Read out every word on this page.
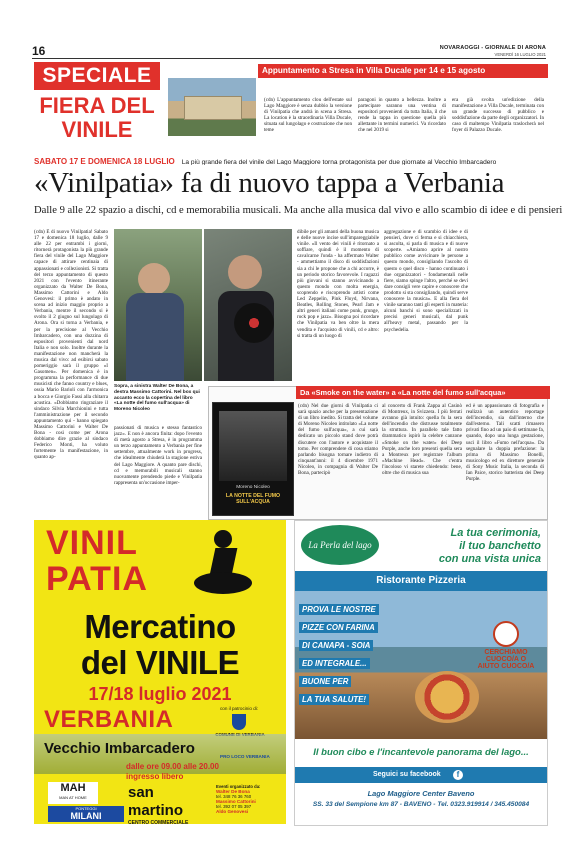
16	NOVARAOGGI - GIORNALE DI ARONA
VENERDÌ 16 LUGLIO 2021
SPECIALE
FIERA DEL
VINILE
Appuntamento a Stresa in Villa Ducale per 14 e 15 agosto
(cdn) L'appuntamento clou dell'estate sul Lago Maggiore è senza dubbio la versione di Vinilpatia che andrà in scena a Stresa. La location è la straordinaria Villa Ducale, situata sul lungolago e costruzione che non teme
paragoni in quanto a bellezza. Inoltre a partecipare saranno una ventina di espositori provenienti da tutta Italia, il che rende la tappa in questione quella più allettante in termini numerici. Va ricordato che nel 2019 si
era già svolta un'edizione della manifestazione a Villa Ducale, terminata con un grande successo di pubblico e soddisfazione da parte degli organizzatori. In caso di maltempo Vinilpatia traslocherà nel foyer di Palazzo Ducale.
SABATO 17 E DOMENICA 18 LUGLIO La più grande fiera del vinile del Lago Maggiore torna protagonista per due giornate al Vecchio Imbarcadero
«Vinilpatia» fa di nuovo tappa a Verbania
Dalle 9 alle 22 spazio a dischi, cd e memorabilia musicali. Ma anche alla musica dal vivo e allo scambio di idee e di pensieri
(cdn) È di nuovo Vinilpatia! Sabato 17 e domenica 18 luglio, dalle 9 alle 22 per entrambi i giorni, ritornerà protagonista la più grande fiera del vinile del Lago Maggiore capace di attirare centinaia di appassionati e collezionisti. Si tratta del terzo appuntamento di questo 2021 con l'evento itinerante organizzato da Walter De Bona, Massimo Cattorini e Aldo Genovesi: il primo è andato in scena ad inizio maggio proprio a Verbania, mentre il secondo si è svolto il 2 giugno sul lungolago di Arona. Ora si torna a Verbania, e per la precisione al Vecchio Imbarcadero, con una dozzina di espositori provenienti dal nord Italia e non solo. Inoltre durante la manifestazione non mancherà la musica dal vivo: ad esibirsi sabato pomeriggio sarà il gruppo «I Gasomen». Per domenica è in programma la performance di due musicisti che fanno country e blues, ossia Mario Barioli con l'armonica a bocca e Giorgio Fassi alla chitarra acustica. «Dobbiamo ringraziare il sindaco Silvia Marchionini e tutta l'amministrazione per il secondo appuntamento qui - hanno spiegato Massimo Cattorini e Walter De Bona - così come per Arona dobbiamo dire grazie al sindaco Federico Monti, ha voluto fortemente la manifestazione, in quanto ap-
Sopra, a sinistra Walter De Bona, a destra Massimo Cattorini. Nel box qui accanto ecco la copertina del libro «La notte del fumo sull'acqua» di Moreno Nicoleo
passionati di musica e stesso fantastico jazz». E non è ancora finita: dopo l'evento di metà agosto a Stresa, è in programma un terzo appuntamento a Verbania per fine settembre, attualmente work in progress, che idealmente chiuderà la stagione estiva del Lago Maggiore. A quanto pare dischi, cd e memorabili musicali stanno nuovamente prendendo piede e Vinilpatia rappresenta un'occasione imper-
dibile per gli amanti della buona musica e delle nuove incise sull'impareggiabile vinile. «Il vento dei vinili è ritornato a soffiare, quindi è il momento di cavalcarne l'onda - ha affermato Walter - ammettiamo il disco di soddisfazioni sia a chi le propone che a chi accorre, è un periodo storico favorevole. I ragazzi più giovani si stanno avvicinando a questo mondo con molta energia, scoprendo e riscoprendo artisti come Led Zeppelin, Pink Floyd, Nirvana, Beatles, Rolling Stones, Pearl Jam e altri generi italiani come punk, grunge, rock pop e jazz». Bisogna poi ricordare che Vinilpatia va ben oltre la mera vendita e l'acquisto di vinili, cd e altro: si tratta di un luogo di
aggregazione e di scambio di idee e di pensieri, dove ci ferma e si chiacchiera, si ascolta, si parla di musica e di nuove scoperte. «Amiamo aprire al nostro pubblico come avvicinare le persone a questo mondo, consigliando l'ascolto di questo o quel disco - hanno continuato i due organizzatori - fondamentali nelle fiere, siamo spinge l'altro, perché se devi dare consigli vere capire e conoscere che prodotto si sta consigliando, quindi serve conoscere la musica». E alla fiera del vinile saranno tanti gli esperti in materia: alcuni banchi si sono specializzati in precisi generi musicali, dal punk all'heavy metal, passando per la psychedelia.
Da «Smoke on the water» a «La notte del fumo sull'acqua»
Moreno Nicoleo
LA NOTTE DEL FUMO SULL'ACQUA
(cdn) Nel due giorni di Vinilpatia ci sarà spazio anche per la presentazione di un libro inedito. Si tratta del volume di Moreno Nicoleo intitolato «La notte del fumo sull'acqua», a cui sarà dedicato un piccolo stand dove potrà discutere con l'autore e acquistare il tomo. Per comprendere di cosa stiamo parlando bisogna tornare indietro di cinquant'anni: il 4 dicembre 1971 Nicoleo, in compagnia di Walter De Bona, partecipò
al concerto di Frank Zappa al Casinò di Montreux, in Svizzera. I più ferrati avranno già intuito: quella fu la sera dell'incendio che distrusse totalmente la struttura. In parallelo tale fatto drammatico ispirò la celebre canzone «Smoke on the water» dei Deep Purple, anche loro presenti quella sera a Montreux per registrare l'album «Machine Head». Che c'entra l'incoloso vi starete chiedendo: bene, oltre che di musica sua
ed è un appassionato di fotografia e realizzò un autentico reportage dell'incendio, sia dall'interno che dall'esterno. Tali scatti rimasero privati fino ad un paio di settimane fa, quando, dopo una lunga gestazione, uscì il libro «Fumo nell'acqua». Da segnalare la doppia prefazione: la prima di Massimo Bonelli, musicologo ed ex direttore generale di Sony Music Italia, la seconda di Ian Paice, storico batterista dei Deep Purple.
VINIL
PATIA
Mercatino
del VINILE
17/18 luglio 2021
VERBANIA	con il patrocinio di:
Vecchio Imbarcadero
dalle ore 09.00 alle 20.00
ingresso libero
PRO LOCO VERBANIA
MAH
MAN AT HOME
PONTEGGI
MILANI
san martino
CENTRO COMMERCIALE
Eventi organizzato da:
Walter De Bona
tel. 348 76 36 760
Massimo Cattorini
tel. 392 07 05 397
Aldo Genovesi
La Perla del lago
La tua cerimonia,
il tuo banchetto
con una vista unica
Ristorante Pizzeria
PROVA LE NOSTRE
PIZZE CON FARINA
DI CANAPA - SOIA
ED INTEGRALE...
BUONE PER
LA TUA SALUTE!
CERCHIAMO
CUOCO/A O
AIUTO CUOCO/A
Il buon cibo e l'incantevole panorama del lago...
Seguici su facebook	f
Lago Maggiore Center Baveno
SS. 33 del Sempione km 87 - BAVENO - Tel. 0323.919914 / 345.450084
